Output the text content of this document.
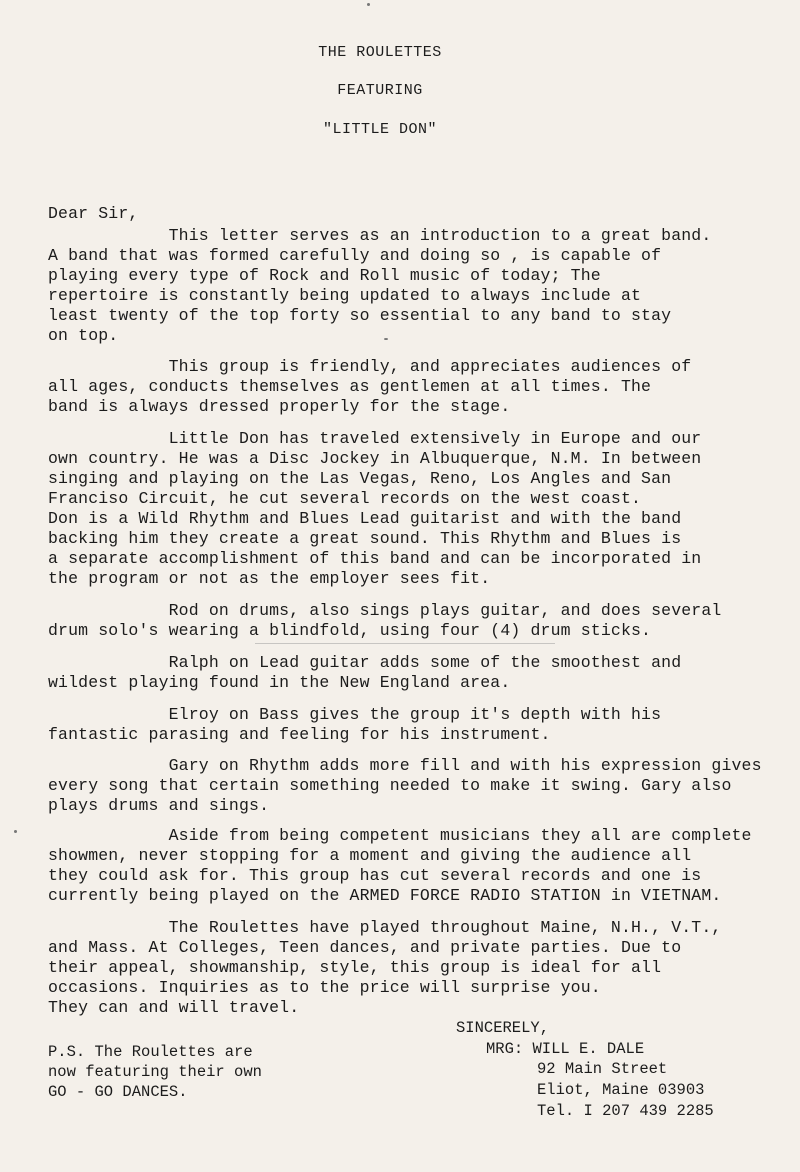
THE ROULETTES
FEATURING
"LITTLE DON"
Dear Sir,
This letter serves as an introduction to a great band.
A band that was formed carefully and doing so , is capable of
playing every type of Rock and Roll music of today; The
repertoire is constantly being updated to always include at
least twenty of the top forty so essential to any band to stay
on top.
This group is friendly, and appreciates audiences of
all ages, conducts themselves as gentlemen at all times. The
band is always dressed properly for the stage.
Little Don has traveled extensively in Europe and our
own country. He was a Disc Jockey in Albuquerque, N.M. In between
singing and playing on the Las Vegas, Reno, Los Angles and San
Franciso Circuit, he cut several records on the west coast.
Don is a Wild Rhythm and Blues Lead guitarist and with the band
backing him they create a great sound. This Rhythm and Blues is
a separate accomplishment of this band and can be incorporated in
the program or not as the employer sees fit.
Rod on drums, also sings plays guitar, and does several
drum solo's wearing a blindfold, using four (4) drum sticks.
Ralph on Lead guitar adds some of the smoothest and
wildest playing found in the New England area.
Elroy on Bass gives the group it's depth with his
fantastic parasing and feeling for his instrument.
Gary on Rhythm adds more fill and with his expression gives
every song that certain something needed to make it swing. Gary also
plays drums and sings.
Aside from being competent musicians they all are complete
showmen, never stopping for a moment and giving the audience all
they could ask for. This group has cut several records and one is
currently being played on the ARMED FORCE RADIO STATION in VIETNAM.
The Roulettes have played throughout Maine, N.H., V.T.,
and Mass. At Colleges, Teen dances, and private parties. Due to
their appeal, showmanship, style, this group is ideal for all
occasions. Inquiries as to the price will surprise you.
They can and will travel.
SINCERELY,
MRG: WILL E. DALE
92 Main Street
Eliot, Maine 03903
Tel. I 207 439 2285
P.S. The Roulettes are
now featuring their own
GO - GO DANCES.
